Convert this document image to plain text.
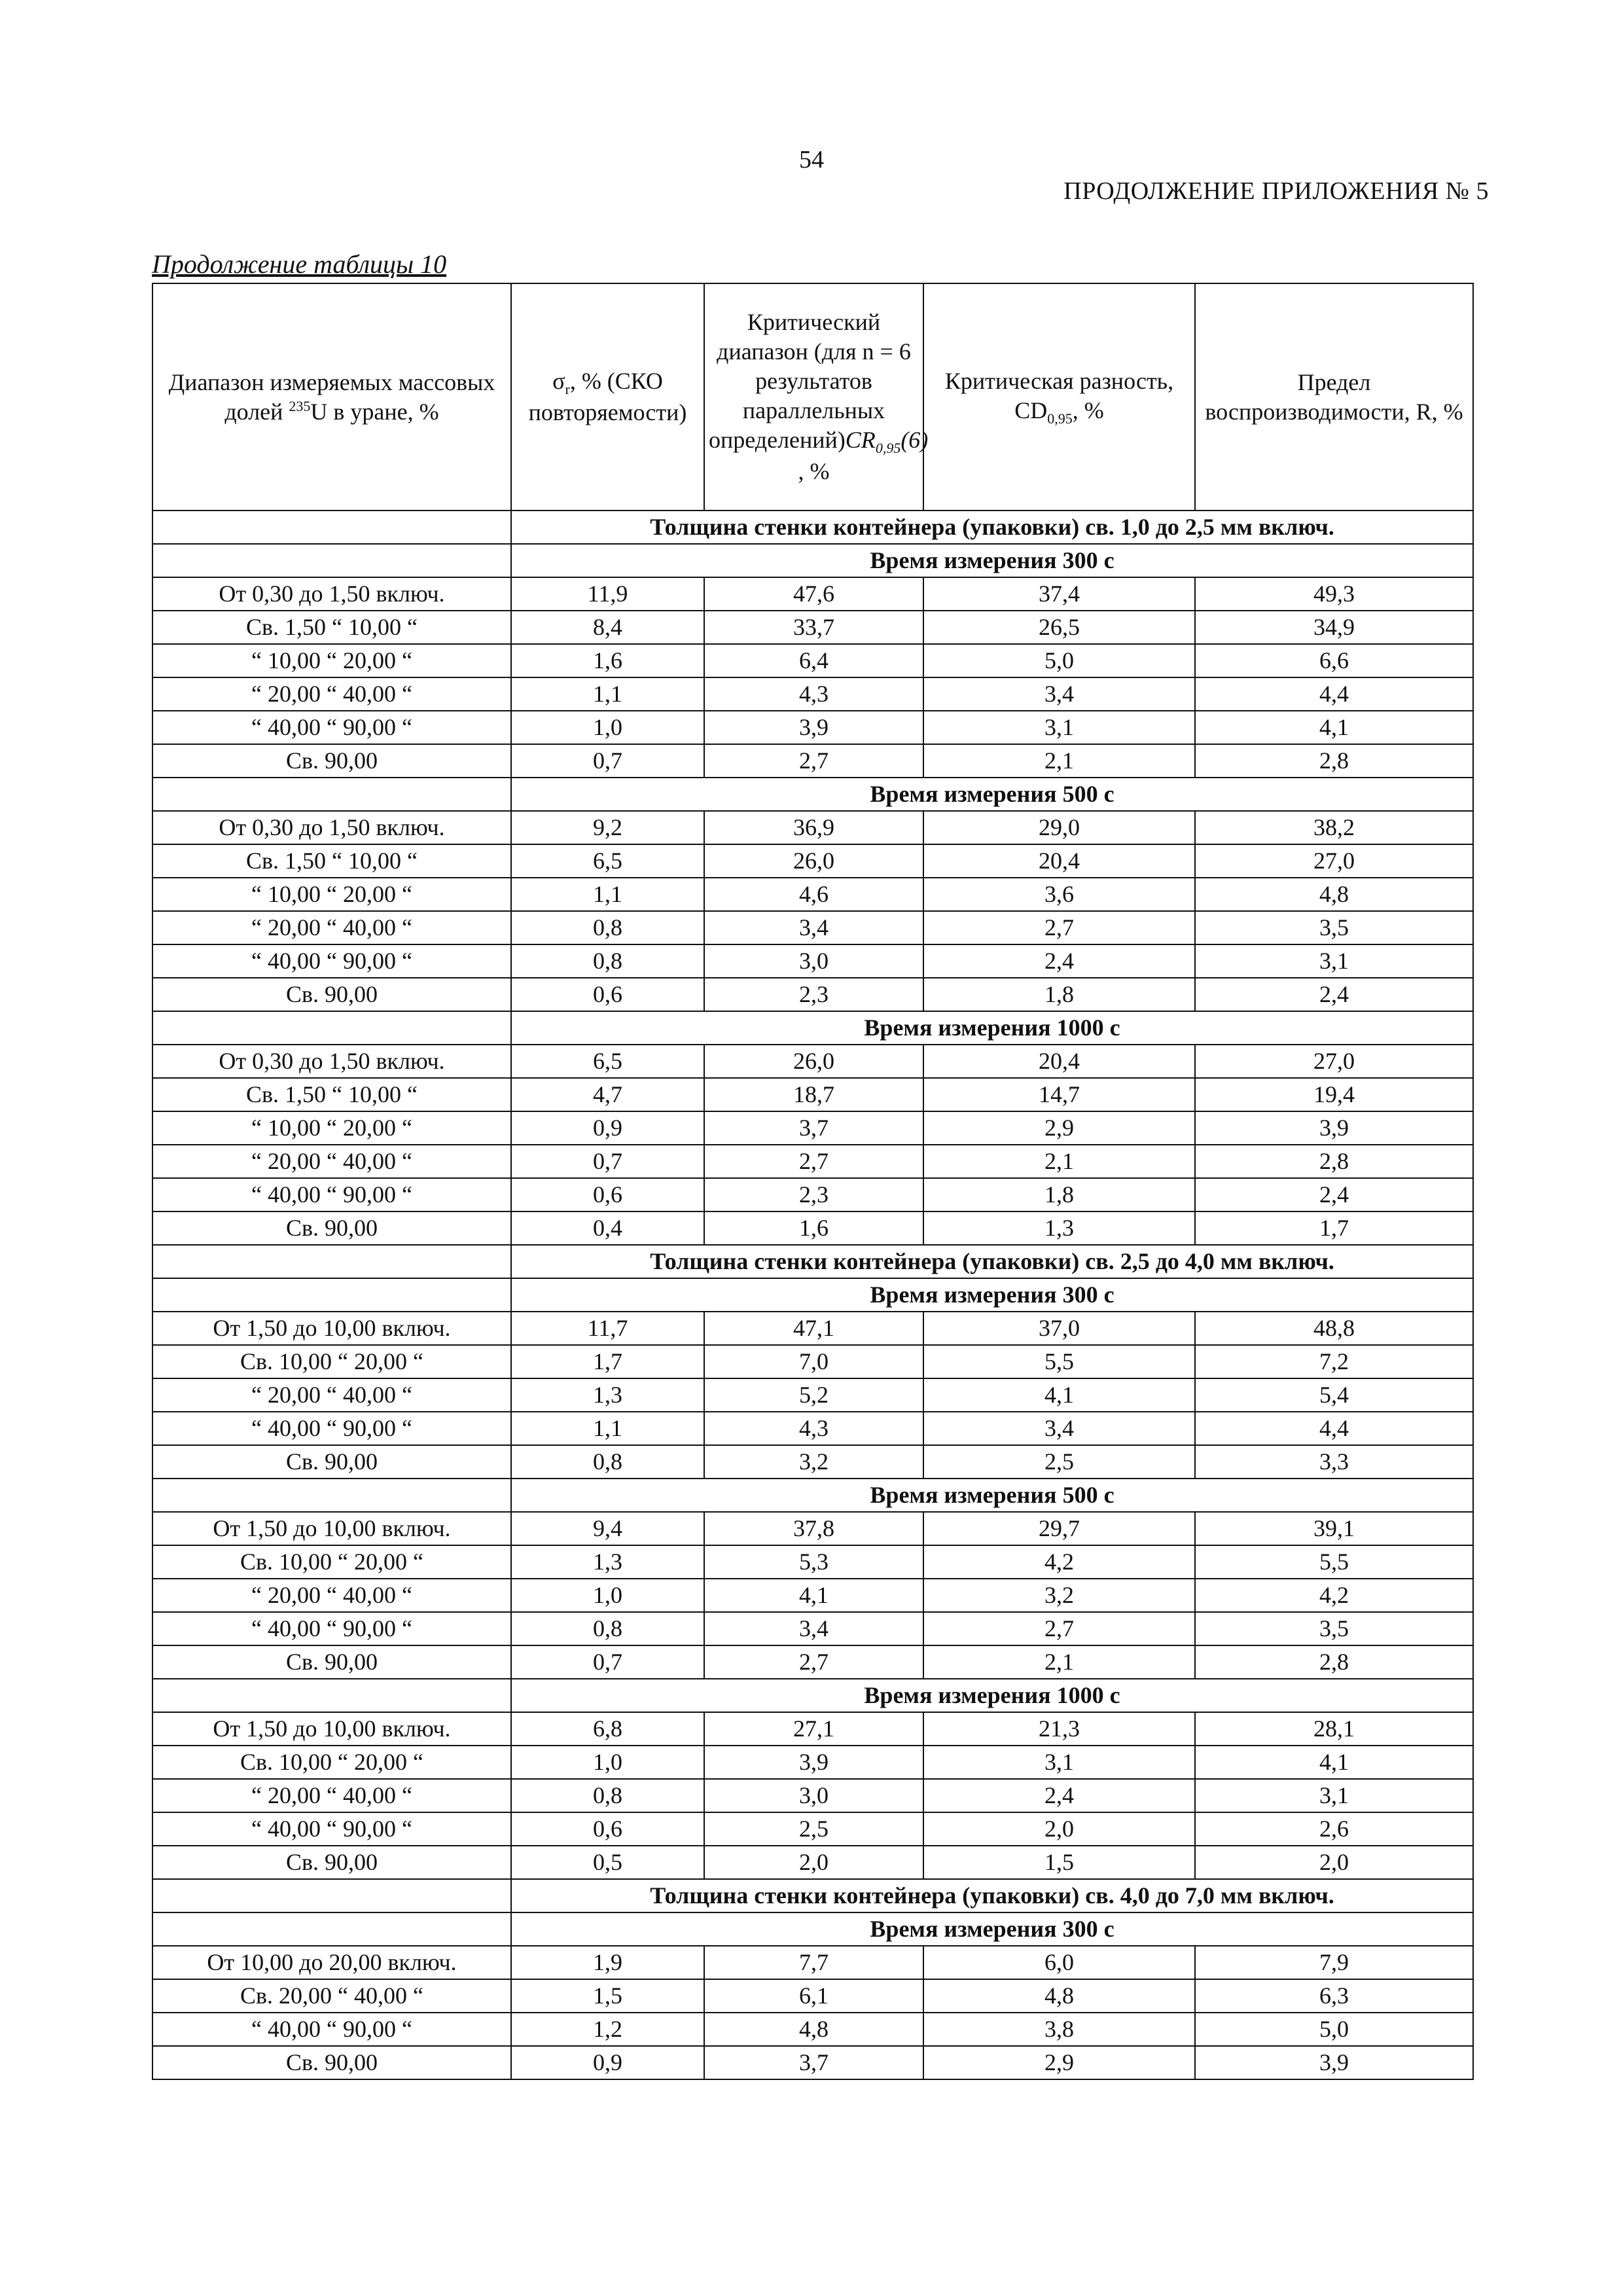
54
ПРОДОЛЖЕНИЕ ПРИЛОЖЕНИЯ № 5
Продолжение таблицы 10
Диапазон измеряемых массовых долей $^{235}$U в уране, %	$\sigma_r$, % (СКО повторяемости)	Критический диапазон (для n = 6 результатов параллельных $определений)CR_{0,95}(6)$ , %	Критическая разность, $CD_{0,95}$, %	Предел воспроизводимости, R, %
	Толщина стенки контейнера (упаковки) св. 1,0 до 2,5 мм включ.			
	Время измерения 300 с			
От 0,30 до 1,50 включ.	11,9	47,6	37,4	49,3
Св. 1,50 “ 10,00 “	8,4	33,7	26,5	34,9
“ 10,00 “ 20,00 “	1,6	6,4	5,0	6,6
“ 20,00 “ 40,00 “	1,1	4,3	3,4	4,4
“ 40,00 “ 90,00 “	1,0	3,9	3,1	4,1
Св. 90,00	0,7	2,7	2,1	2,8
	Время измерения 500 с			
От 0,30 до 1,50 включ.	9,2	36,9	29,0	38,2
Св. 1,50 “ 10,00 “	6,5	26,0	20,4	27,0
“ 10,00 “ 20,00 “	1,1	4,6	3,6	4,8
“ 20,00 “ 40,00 “	0,8	3,4	2,7	3,5
“ 40,00 “ 90,00 “	0,8	3,0	2,4	3,1
Св. 90,00	0,6	2,3	1,8	2,4
	Время измерения 1000 с			
От 0,30 до 1,50 включ.	6,5	26,0	20,4	27,0
Св. 1,50 “ 10,00 “	4,7	18,7	14,7	19,4
“ 10,00 “ 20,00 “	0,9	3,7	2,9	3,9
“ 20,00 “ 40,00 “	0,7	2,7	2,1	2,8
“ 40,00 “ 90,00 “	0,6	2,3	1,8	2,4
Св. 90,00	0,4	1,6	1,3	1,7
	Толщина стенки контейнера (упаковки) св. 2,5 до 4,0 мм включ.			
	Время измерения 300 с			
От 1,50 до 10,00 включ.	11,7	47,1	37,0	48,8
Св. 10,00 “ 20,00 “	1,7	7,0	5,5	7,2
“ 20,00 “ 40,00 “	1,3	5,2	4,1	5,4
“ 40,00 “ 90,00 “	1,1	4,3	3,4	4,4
Св. 90,00	0,8	3,2	2,5	3,3
	Время измерения 500 с			
От 1,50 до 10,00 включ.	9,4	37,8	29,7	39,1
Св. 10,00 “ 20,00 “	1,3	5,3	4,2	5,5
“ 20,00 “ 40,00 “	1,0	4,1	3,2	4,2
“ 40,00 “ 90,00 “	0,8	3,4	2,7	3,5
Св. 90,00	0,7	2,7	2,1	2,8
	Время измерения 1000 с			
От 1,50 до 10,00 включ.	6,8	27,1	21,3	28,1
Св. 10,00 “ 20,00 “	1,0	3,9	3,1	4,1
“ 20,00 “ 40,00 “	0,8	3,0	2,4	3,1
“ 40,00 “ 90,00 “	0,6	2,5	2,0	2,6
Св. 90,00	0,5	2,0	1,5	2,0
	Толщина стенки контейнера (упаковки) св. 4,0 до 7,0 мм включ.			
	Время измерения 300 с			
От 10,00 до 20,00 включ.	1,9	7,7	6,0	7,9
Св. 20,00 “ 40,00 “	1,5	6,1	4,8	6,3
“ 40,00 “ 90,00 “	1,2	4,8	3,8	5,0
Св. 90,00	0,9	3,7	2,9	3,9
